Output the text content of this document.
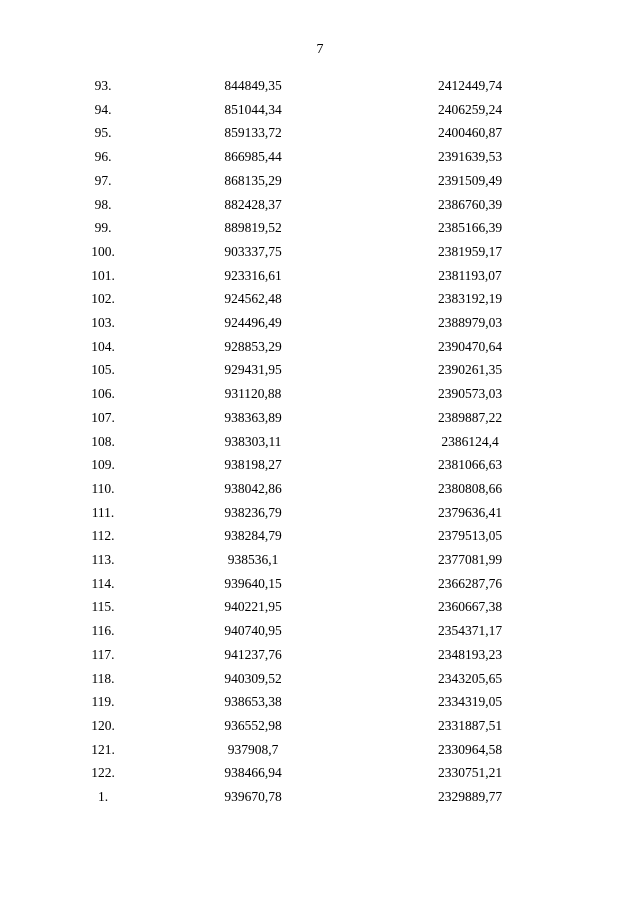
7
93.	844849,35		2412449,74	
94.	851044,34		2406259,24	
95.	859133,72		2400460,87	
96.	866985,44		2391639,53	
97.	868135,29		2391509,49	
98.	882428,37		2386760,39	
99.	889819,52		2385166,39	
100.	903337,75		2381959,17	
101.	923316,61		2381193,07	
102.	924562,48		2383192,19	
103.	924496,49		2388979,03	
104.	928853,29		2390470,64	
105.	929431,95		2390261,35	
106.	931120,88		2390573,03	
107.	938363,89		2389887,22	
108.	938303,11		2386124,4	
109.	938198,27		2381066,63	
110.	938042,86		2380808,66	
111.	938236,79		2379636,41	
112.	938284,79		2379513,05	
113.	938536,1		2377081,99	
114.	939640,15		2366287,76	
115.	940221,95		2360667,38	
116.	940740,95		2354371,17	
117.	941237,76		2348193,23	
118.	940309,52		2343205,65	
119.	938653,38		2334319,05	
120.	936552,98		2331887,51	
121.	937908,7		2330964,58	
122.	938466,94		2330751,21	
1.	939670,78		2329889,77	
